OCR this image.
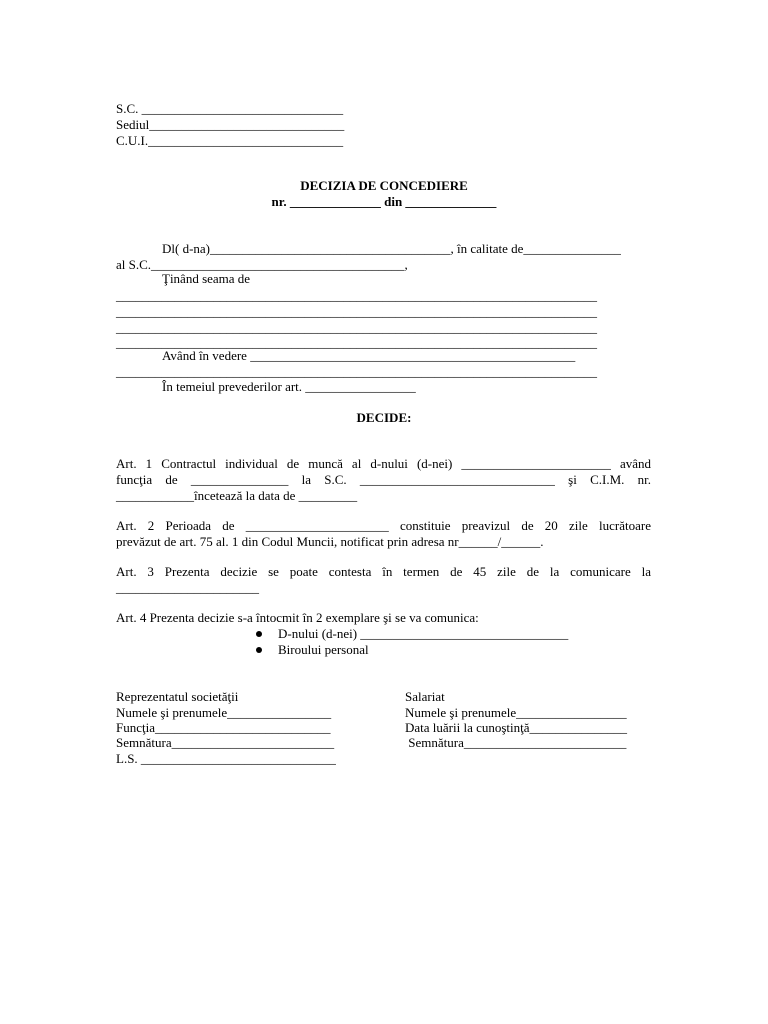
S.C. _______________________________
Sediul______________________________
C.U.I.______________________________
DECIZIA DE CONCEDIERE
nr. ______________ din ______________
Dl( d-na)_____________________________________, în calitate de_______________
al S.C._______________________________________,
Ţinând seama de
__________________________________________________________________________
__________________________________________________________________________
__________________________________________________________________________
__________________________________________________________________________
Având în vedere __________________________________________________
__________________________________________________________________________
În temeiul prevederilor art. _________________
DECIDE:
Art. 1 Contractul individual de muncă al d-nului (d-nei) _______________________ având
funcţia de _______________ la S.C. ______________________________ şi C.I.M. nr.
____________încetează la data de _________
Art. 2 Perioada de ______________________ constituie preavizul de 20 zile lucrătoare
prevăzut de art. 75 al. 1 din Codul Muncii, notificat prin adresa nr______/______.
Art. 3 Prezenta decizie se poate contesta în termen de 45 zile de la comunicare la
______________________
Art. 4 Prezenta decizie s-a întocmit în 2 exemplare şi se va comunica:
D-nului (d-nei) ________________________________
Biroului personal
Reprezentatul societăţii
Numele şi prenumele________________
Funcţia___________________________
Semnătura_________________________
L.S. ______________________________
Salariat
Numele şi prenumele_________________
Data luării la cunoştinţă_______________
Semnătura_________________________
